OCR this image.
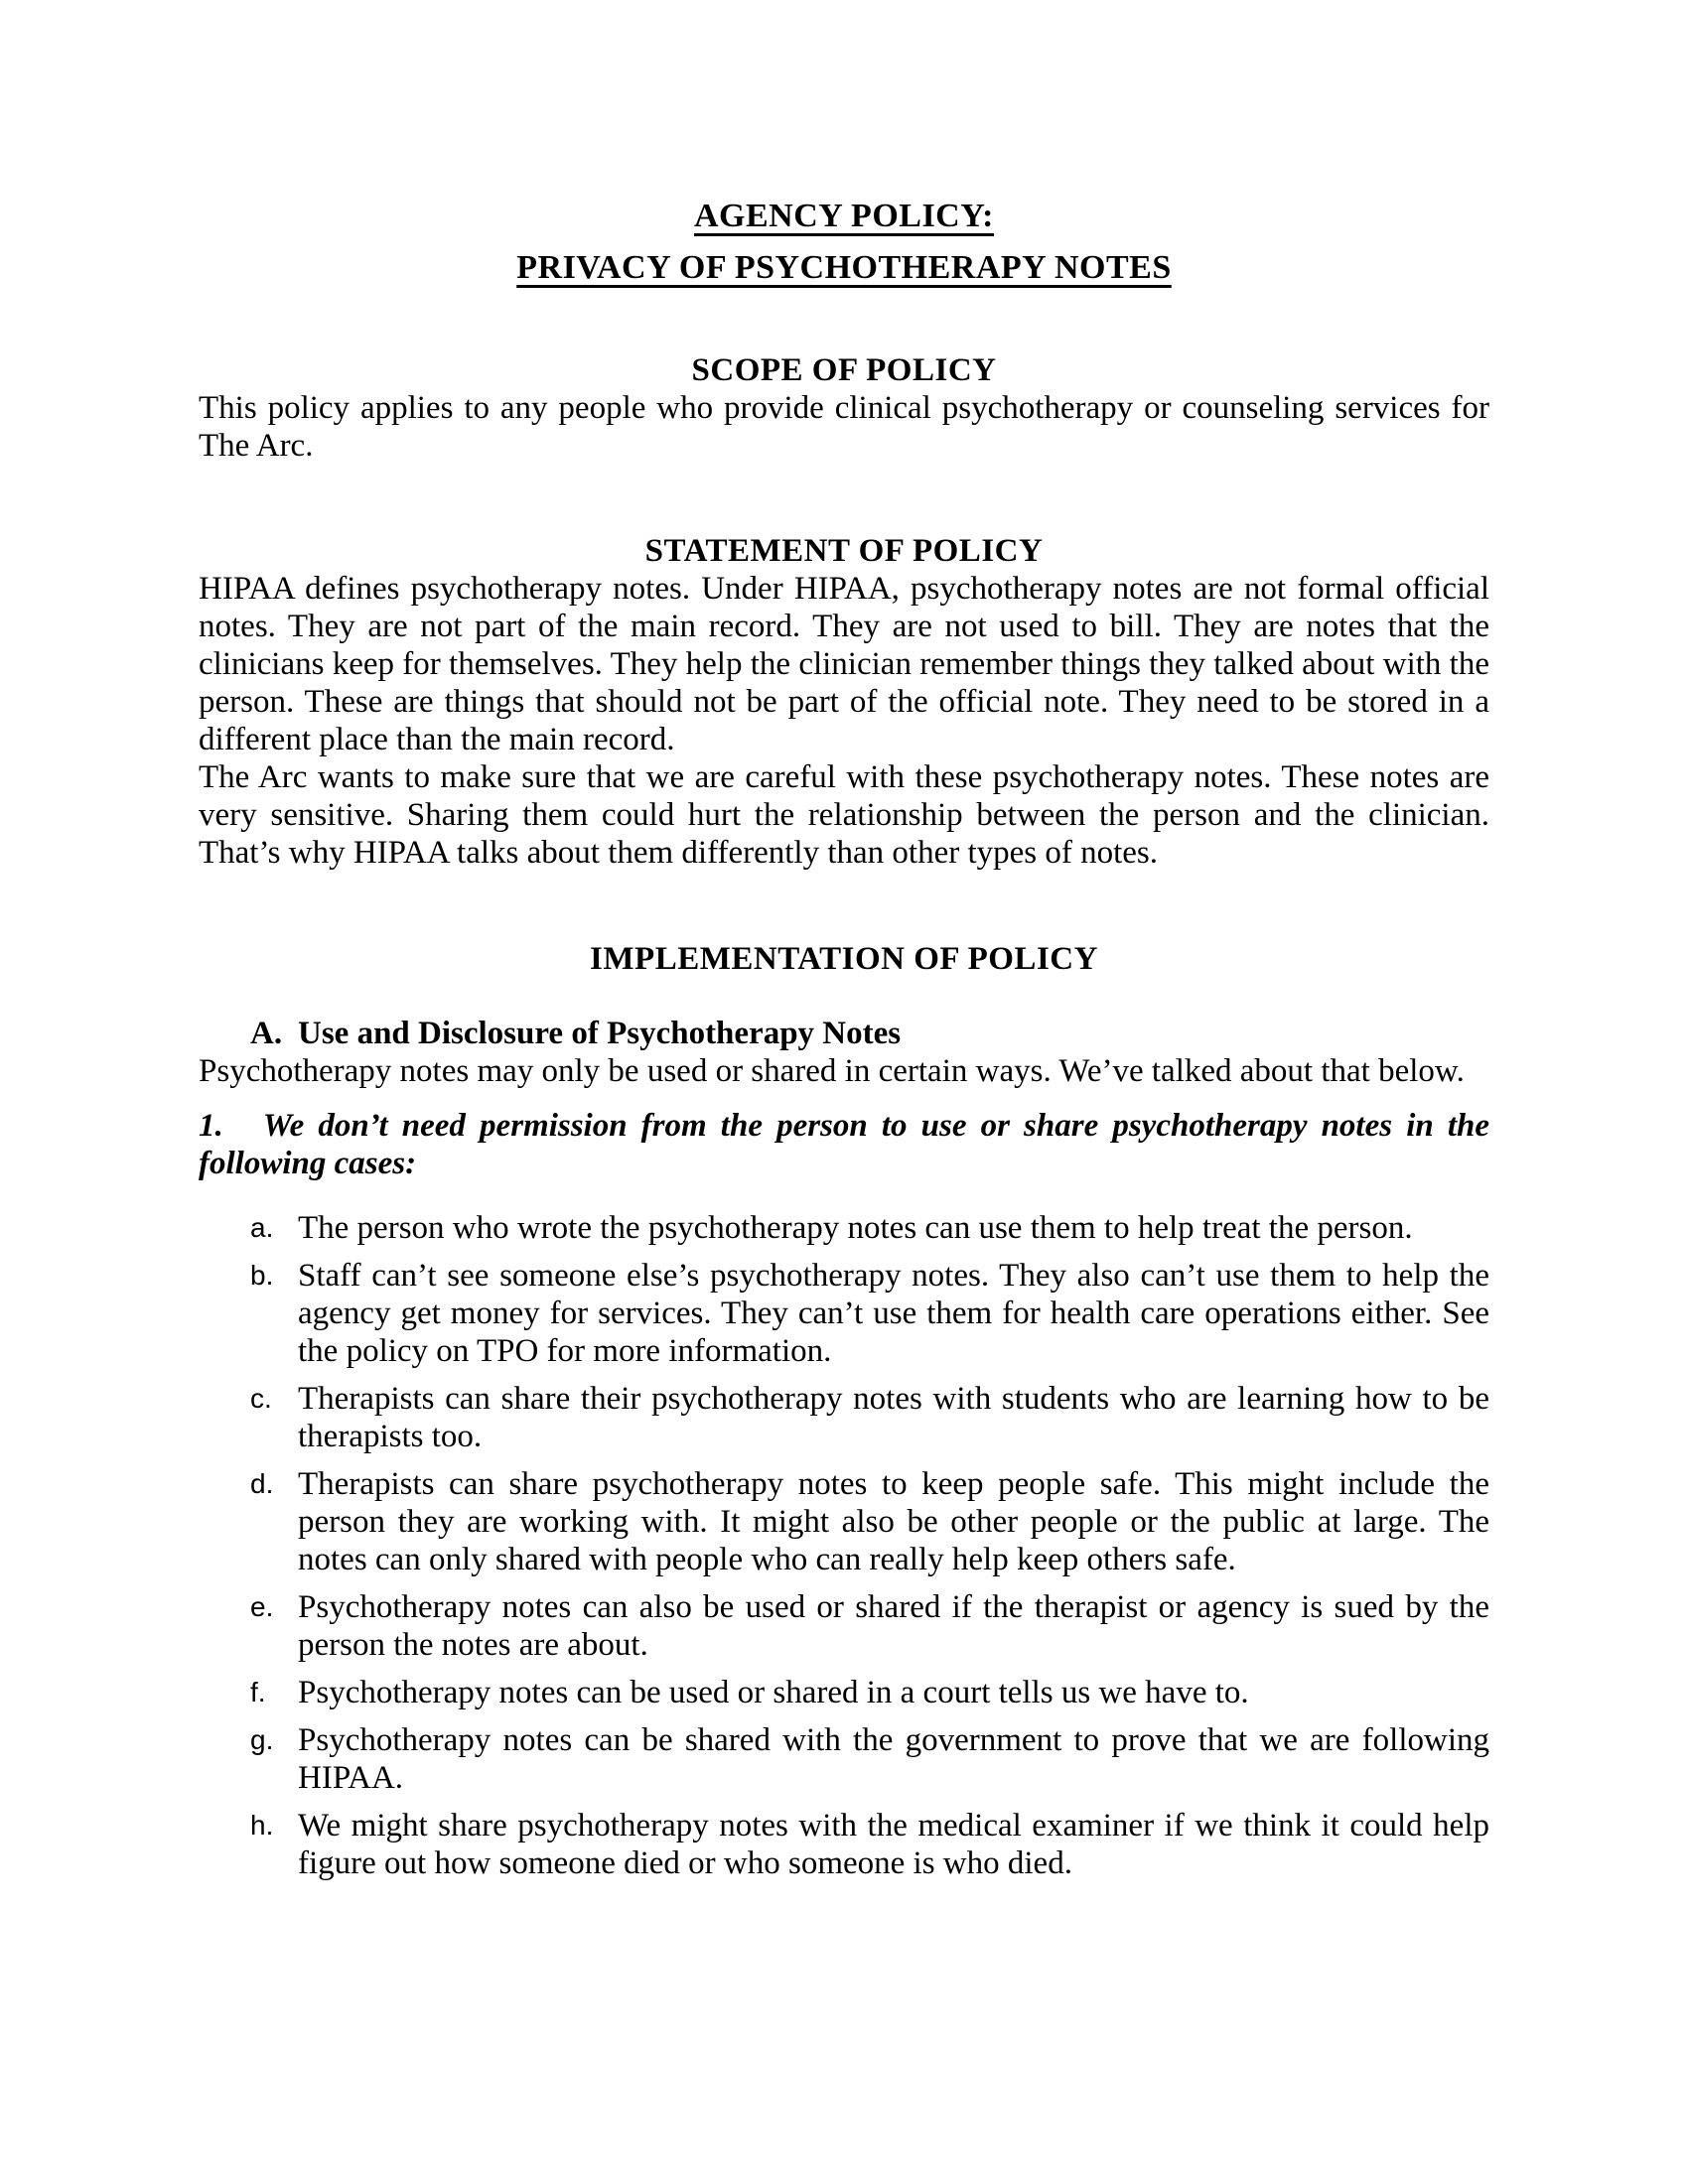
AGENCY POLICY:
PRIVACY OF PSYCHOTHERAPY NOTES
SCOPE OF POLICY

This policy applies to any people who provide clinical psychotherapy or counseling services for The Arc.

STATEMENT OF POLICY

HIPAA defines psychotherapy notes. Under HIPAA, psychotherapy notes are not formal official notes. They are not part of the main record. They are not used to bill. They are notes that the clinicians keep for themselves. They help the clinician remember things they talked about with the person. These are things that should not be part of the official note. They need to be stored in a different place than the main record.

The Arc wants to make sure that we are careful with these psychotherapy notes. These notes are very sensitive. Sharing them could hurt the relationship between the person and the clinician. That’s why HIPAA talks about them differently than other types of notes.

IMPLEMENTATION OF POLICY
A. Use and Disclosure of Psychotherapy Notes

Psychotherapy notes may only be used or shared in certain ways. We’ve talked about that below.

1. We don’t need permission from the person to use or share psychotherapy notes in the following cases:

a. The person who wrote the psychotherapy notes can use them to help treat the person.
b. Staff can’t see someone else’s psychotherapy notes. They also can’t use them to help the agency get money for services. They can’t use them for health care operations either. See the policy on TPO for more information.
c. Therapists can share their psychotherapy notes with students who are learning how to be therapists too.
d. Therapists can share psychotherapy notes to keep people safe. This might include the person they are working with. It might also be other people or the public at large. The notes can only shared with people who can really help keep others safe.
e. Psychotherapy notes can also be used or shared if the therapist or agency is sued by the person the notes are about.
f. Psychotherapy notes can be used or shared in a court tells us we have to.
g. Psychotherapy notes can be shared with the government to prove that we are following HIPAA.
h. We might share psychotherapy notes with the medical examiner if we think it could help figure out how someone died or who someone is who died.
